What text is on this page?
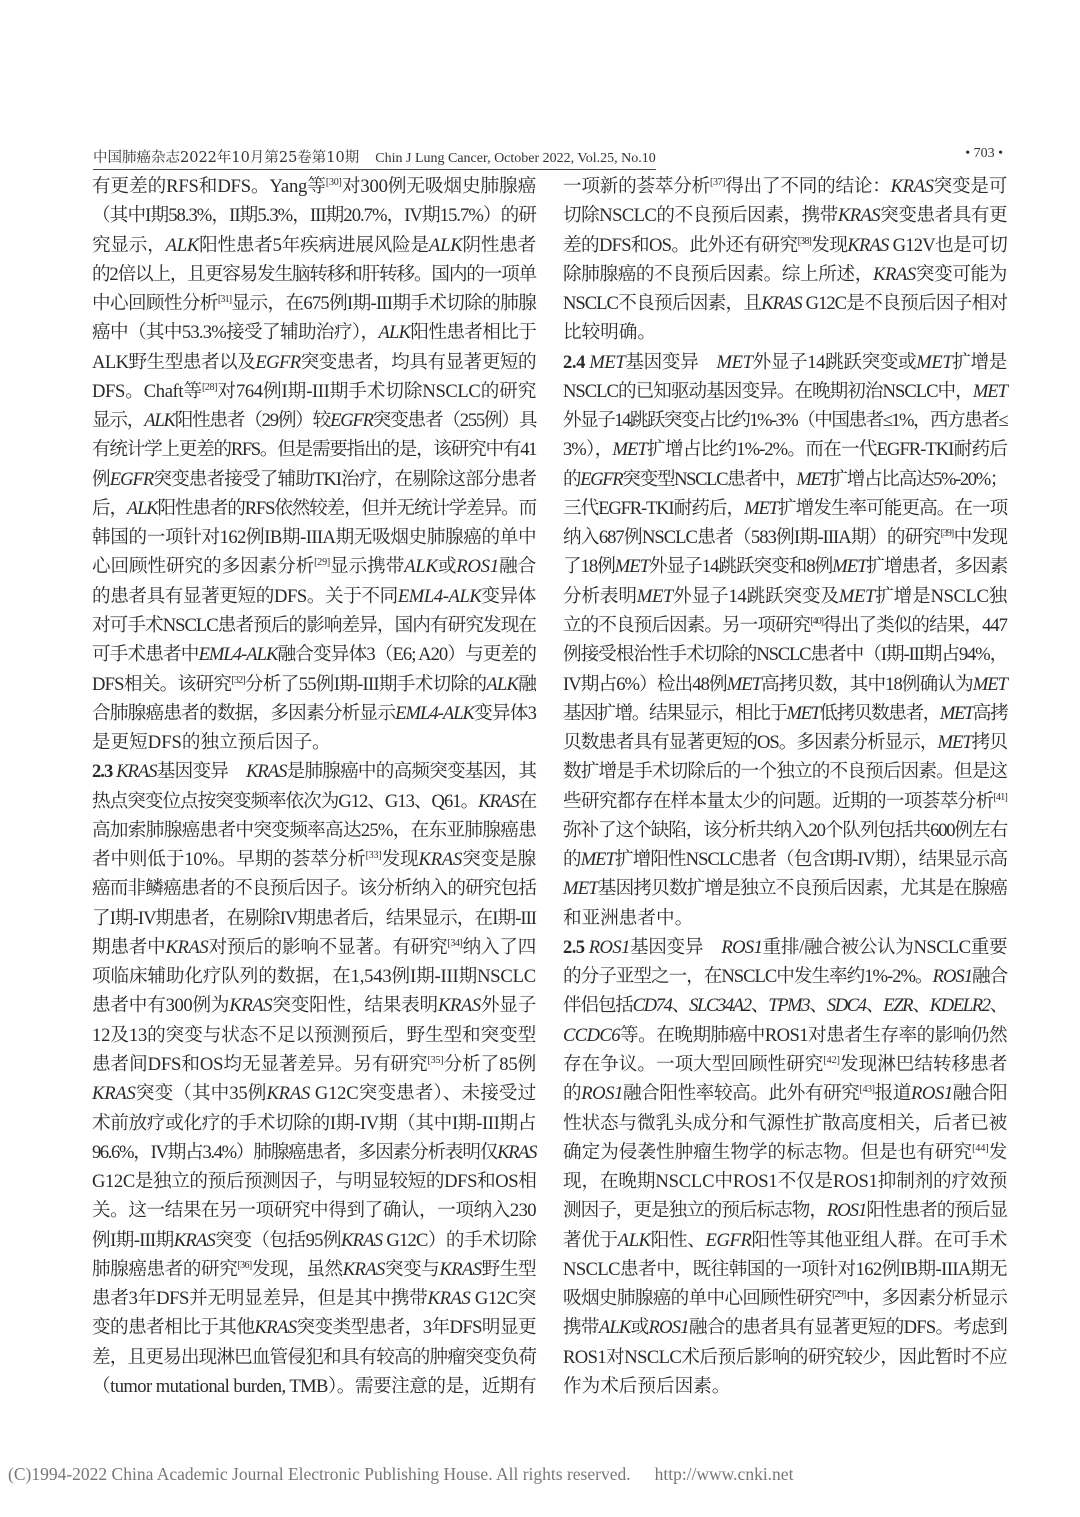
中国肺癌杂志2022年10月第25卷第10期 Chin J Lung Cancer, October 2022, Vol.25, No.10	• 703 •
有更差的RFS和DFS。Yang等[30]对300例无吸烟史肺腺癌
（其中I期58.3%，II期5.3%，III期20.7%，IV期15.7%）的研
究显示，ALK阳性患者5年疾病进展风险是ALK阴性患者
的2倍以上，且更容易发生脑转移和肝转移。国内的一项单
中心回顾性分析[31]显示，在675例I期-III期手术切除的肺腺
癌中（其中53.3%接受了辅助治疗），ALK阳性患者相比于
ALK野生型患者以及EGFR突变患者，均具有显著更短的
DFS。Chaft等[28]对764例I期-III期手术切除NSCLC的研究
显示，ALK阳性患者（29例）较EGFR突变患者（255例）具
有统计学上更差的RFS。但是需要指出的是，该研究中有41
例EGFR突变患者接受了辅助TKI治疗，在剔除这部分患者
后，ALK阳性患者的RFS依然较差，但并无统计学差异。而
韩国的一项针对162例IB期-IIIA期无吸烟史肺腺癌的单中
心回顾性研究的多因素分析[29]显示携带ALK或ROS1融合
的患者具有显著更短的DFS。关于不同EML4-ALK变异体
对可手术NSCLC患者预后的影响差异，国内有研究发现在
可手术患者中EML4-ALK融合变异体3（E6; A20）与更差的
DFS相关。该研究[32]分析了55例I期-III期手术切除的ALK融
合肺腺癌患者的数据，多因素分析显示EML4-ALK变异体3
是更短DFS的独立预后因子。
2.3 KRAS基因变异　KRAS是肺腺癌中的高频突变基因，其
热点突变位点按突变频率依次为G12、G13、Q61。KRAS在
高加索肺腺癌患者中突变频率高达25%，在东亚肺腺癌患
者中则低于10%。早期的荟萃分析[33]发现KRAS突变是腺
癌而非鳞癌患者的不良预后因子。该分析纳入的研究包括
了I期-IV期患者，在剔除IV期患者后，结果显示，在I期-III
期患者中KRAS对预后的影响不显著。有研究[34]纳入了四
项临床辅助化疗队列的数据，在1,543例I期-III期NSCLC
患者中有300例为KRAS突变阳性，结果表明KRAS外显子
12及13的突变与状态不足以预测预后，野生型和突变型
患者间DFS和OS均无显著差异。另有研究[35]分析了85例
KRAS突变（其中35例KRAS G12C突变患者）、未接受过
术前放疗或化疗的手术切除的I期-IV期（其中I期-III期占
96.6%，IV期占3.4%）肺腺癌患者，多因素分析表明仅KRAS
G12C是独立的预后预测因子，与明显较短的DFS和OS相
关。这一结果在另一项研究中得到了确认，一项纳入230
例I期-III期KRAS突变（包括95例KRAS G12C）的手术切除
肺腺癌患者的研究[36]发现，虽然KRAS突变与KRAS野生型
患者3年DFS并无明显差异，但是其中携带KRAS G12C突
变的患者相比于其他KRAS突变类型患者，3年DFS明显更
差，且更易出现淋巴血管侵犯和具有较高的肿瘤突变负荷
（tumor mutational burden, TMB）。需要注意的是，近期有
一项新的荟萃分析[37]得出了不同的结论：KRAS突变是可
切除NSCLC的不良预后因素，携带KRAS突变患者具有更
差的DFS和OS。此外还有研究[38]发现KRAS G12V也是可切
除肺腺癌的不良预后因素。综上所述，KRAS突变可能为
NSCLC不良预后因素，且KRAS G12C是不良预后因子相对
比较明确。
2.4 MET基因变异　MET外显子14跳跃突变或MET扩增是
NSCLC的已知驱动基因变异。在晚期初治NSCLC中，MET
外显子14跳跃突变占比约1%-3%（中国患者≤1%，西方患者≤
3%），MET扩增占比约1%-2%。而在一代EGFR-TKI耐药后
的EGFR突变型NSCLC患者中，MET扩增占比高达5%-20%；
三代EGFR-TKI耐药后，MET扩增发生率可能更高。在一项
纳入687例NSCLC患者（583例I期-IIIA期）的研究[39]中发现
了18例MET外显子14跳跃突变和8例MET扩增患者，多因素
分析表明MET外显子14跳跃突变及MET扩增是NSCLC独
立的不良预后因素。另一项研究[40]得出了类似的结果，447
例接受根治性手术切除的NSCLC患者中（I期-III期占94%，
IV期占6%）检出48例MET高拷贝数，其中18例确认为MET
基因扩增。结果显示，相比于MET低拷贝数患者，MET高拷
贝数患者具有显著更短的OS。多因素分析显示，MET拷贝
数扩增是手术切除后的一个独立的不良预后因素。但是这
些研究都存在样本量太少的问题。近期的一项荟萃分析[41]
弥补了这个缺陷，该分析共纳入20个队列包括共600例左右
的MET扩增阳性NSCLC患者（包含I期-IV期），结果显示高
MET基因拷贝数扩增是独立不良预后因素，尤其是在腺癌
和亚洲患者中。
2.5 ROS1基因变异　ROS1重排/融合被公认为NSCLC重要
的分子亚型之一，在NSCLC中发生率约1%-2%。ROS1融合
伴侣包括CD74、SLC34A2、TPM3、SDC4、EZR、KDELR2、
CCDC6等。在晚期肺癌中ROS1对患者生存率的影响仍然
存在争议。一项大型回顾性研究[42]发现淋巴结转移患者
的ROS1融合阳性率较高。此外有研究[43]报道ROS1融合阳
性状态与微乳头成分和气源性扩散高度相关，后者已被
确定为侵袭性肿瘤生物学的标志物。但是也有研究[44]发
现，在晚期NSCLC中ROS1不仅是ROS1抑制剂的疗效预
测因子，更是独立的预后标志物，ROS1阳性患者的预后显
著优于ALK阳性、EGFR阳性等其他亚组人群。在可手术
NSCLC患者中，既往韩国的一项针对162例IB期-IIIA期无
吸烟史肺腺癌的单中心回顾性研究[29]中，多因素分析显示
携带ALK或ROS1融合的患者具有显著更短的DFS。考虑到
ROS1对NSCLC术后预后影响的研究较少，因此暂时不应
作为术后预后因素。
(C)1994-2022 China Academic Journal Electronic Publishing House. All rights reserved. http://www.cnki.net
